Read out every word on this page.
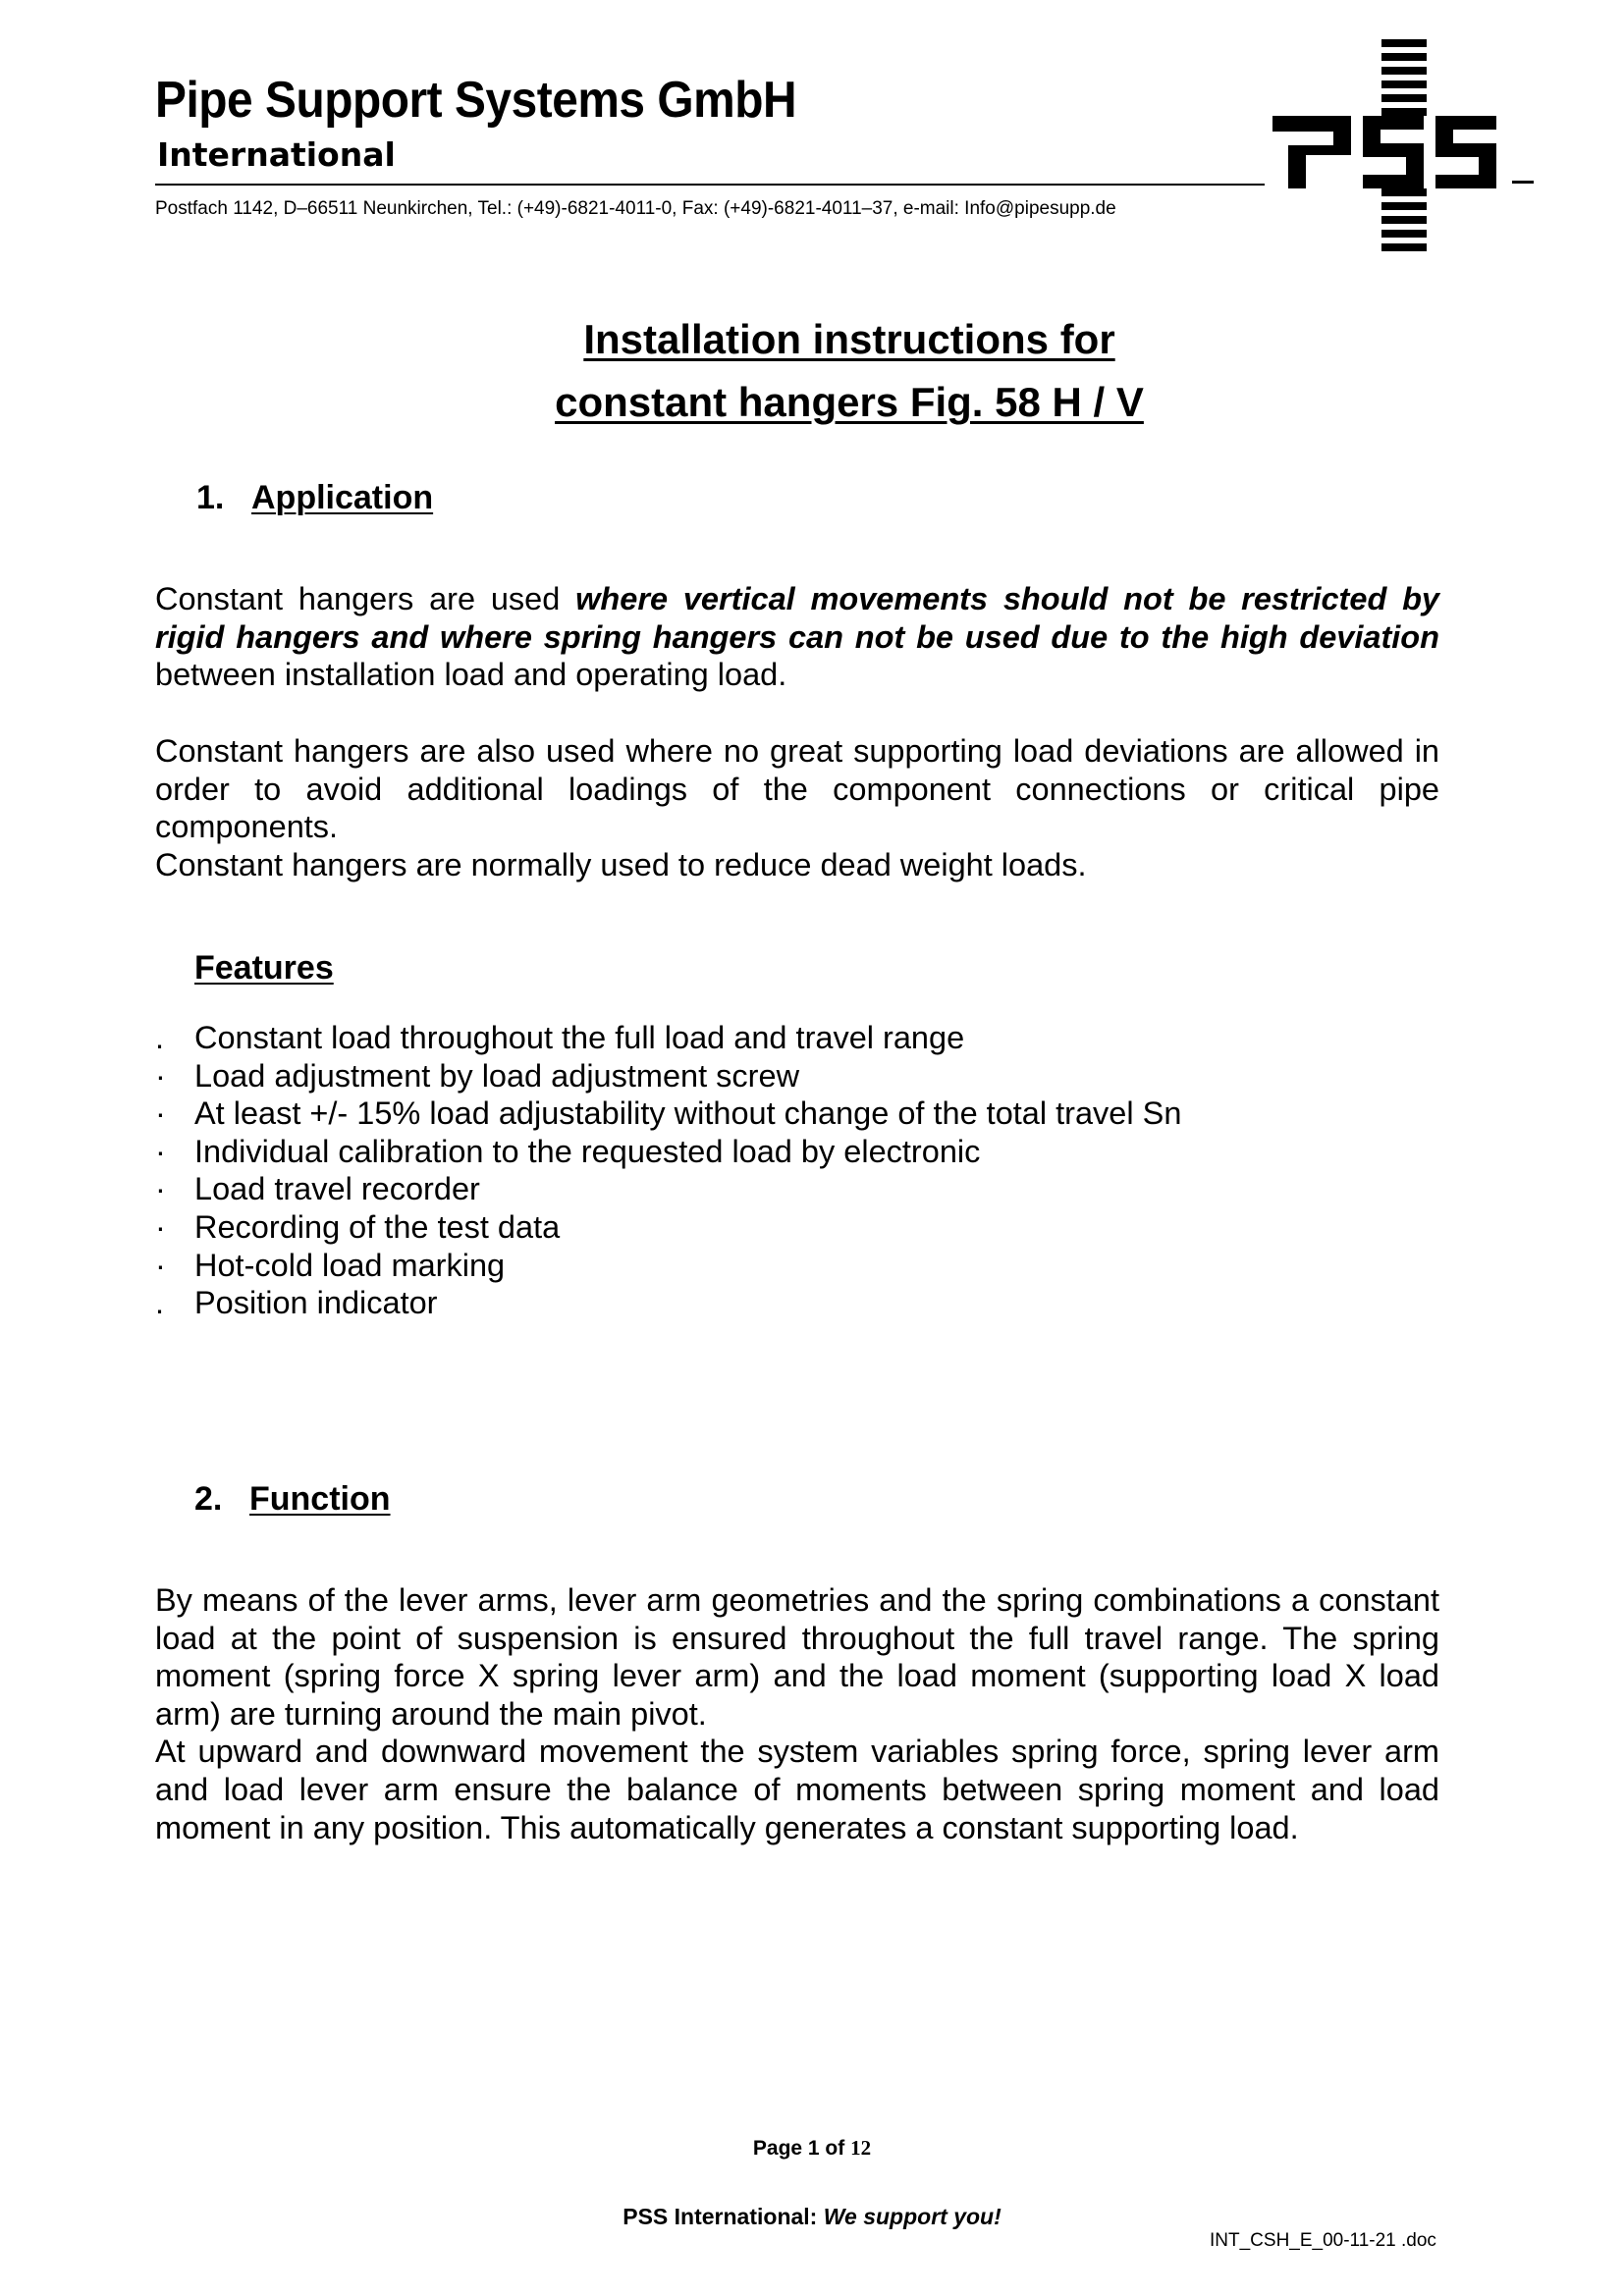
Pipe Support Systems GmbH
International
Postfach 1142, D–66511 Neunkirchen, Tel.: (+49)-6821-4011-0, Fax: (+49)-6821-4011–37, e-mail: Info@pipesupp.de
Installation instructions for
constant hangers Fig. 58 H / V
1. Application

Constant hangers are used where vertical movements should not be restricted by rigid hangers and where spring hangers can not be used due to the high deviation between installation load and operating load.

Constant hangers are also used where no great supporting load deviations are allowed in order to avoid additional loadings of the component connections or critical pipe components.

Constant hangers are normally used to reduce dead weight loads.

Features
. Constant load throughout the full load and travel range
· Load adjustment by load adjustment screw
· At least +/- 15% load adjustability without change of the total travel Sn
· Individual calibration to the requested load by electronic
· Load travel recorder
· Recording of the test data
· Hot-cold load marking
. Position indicator
2. Function

By means of the lever arms, lever arm geometries and the spring combinations a constant load at the point of suspension is ensured throughout the full travel range. The spring moment (spring force X spring lever arm) and the load moment (supporting load X load arm) are turning around the main pivot.

At upward and downward movement the system variables spring force, spring lever arm and load lever arm ensure the balance of moments between spring moment and load moment in any position. This automatically generates a constant supporting load.

Page 1 of 12
PSS International: We support you!
INT_CSH_E_00-11-21 .doc
